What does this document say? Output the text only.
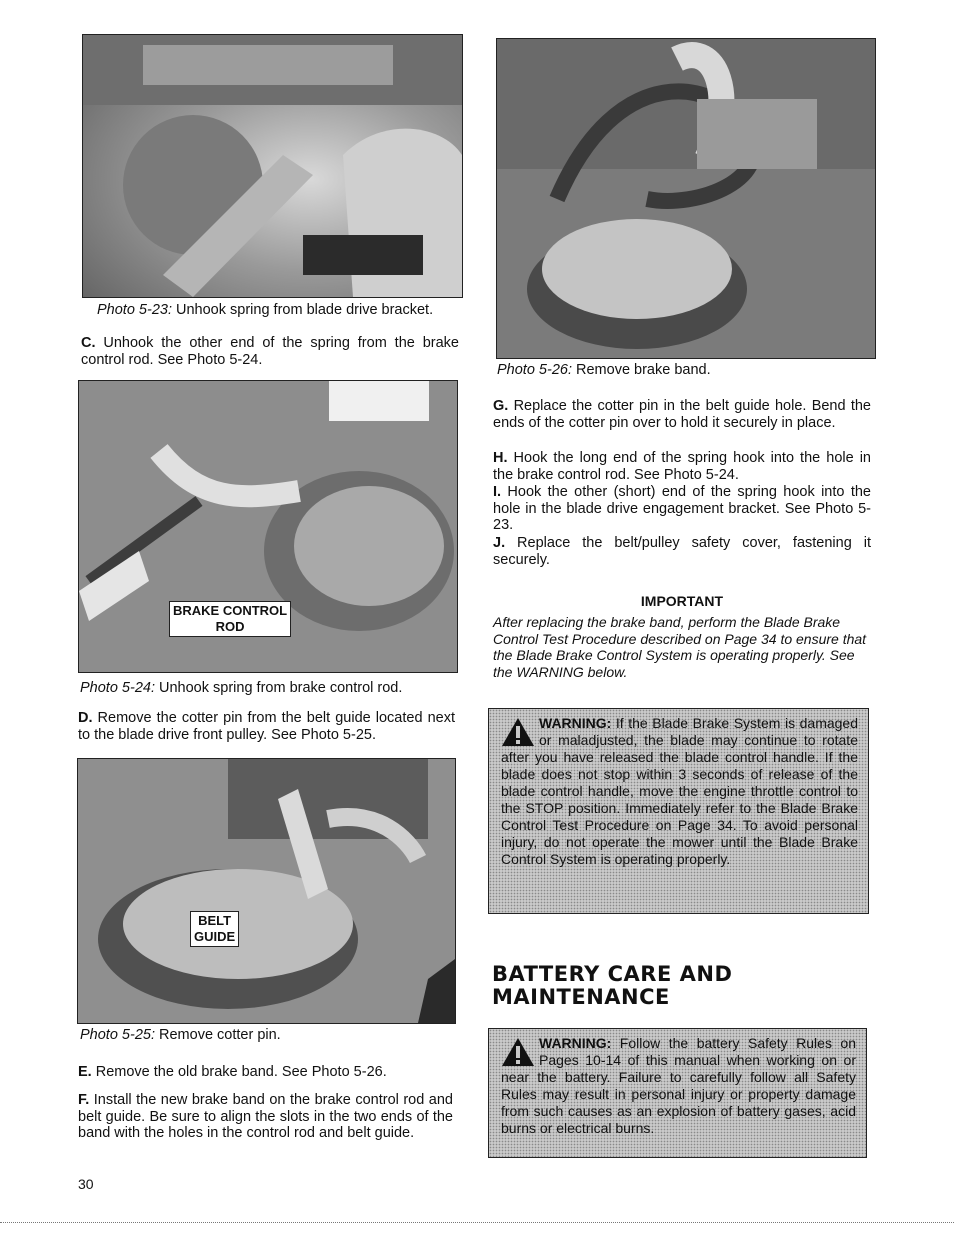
Photo 5-23: Unhook spring from blade drive bracket.
C. Unhook the other end of the spring from the brake control rod. See Photo 5-24.
BRAKE CONTROL
ROD
Photo 5-24: Unhook spring from brake control rod.
D. Remove the cotter pin from the belt guide located next to the blade drive front pulley. See Photo 5-25.
BELT
GUIDE
Photo 5-25: Remove cotter pin.
E. Remove the old brake band. See Photo 5-26.
F. Install the new brake band on the brake control rod and belt guide. Be sure to align the slots in the two ends of the band with the holes in the control rod and belt guide.
30
Photo 5-26: Remove brake band.
G. Replace the cotter pin in the belt guide hole. Bend the ends of the cotter pin over to hold it securely in place.
H. Hook the long end of the spring hook into the hole in the brake control rod. See Photo 5-24.
I. Hook the other (short) end of the spring hook into the hole in the blade drive engagement bracket. See Photo 5-23.
J. Replace the belt/pulley safety cover, fastening it securely.
IMPORTANT
After replacing the brake band, perform the Blade Brake Control Test Procedure described on Page 34 to ensure that the Blade Brake Control System is operating properly. See the WARNING below.
WARNING: If the Blade Brake System is damaged or maladjusted, the blade may continue to rotate after you have released the blade control handle. If the blade does not stop within 3 seconds of release of the blade control handle, move the engine throttle control to the STOP position. Immediately refer to the Blade Brake Control Test Procedure on Page 34. To avoid personal injury, do not operate the mower until the Blade Brake Control System is operating properly.
BATTERY CARE AND
MAINTENANCE
WARNING: Follow the battery Safety Rules on Pages 10-14 of this manual when working on or near the battery. Failure to carefully follow all Safety Rules may result in personal injury or property damage from such causes as an explosion of battery gases, acid burns or electrical burns.
